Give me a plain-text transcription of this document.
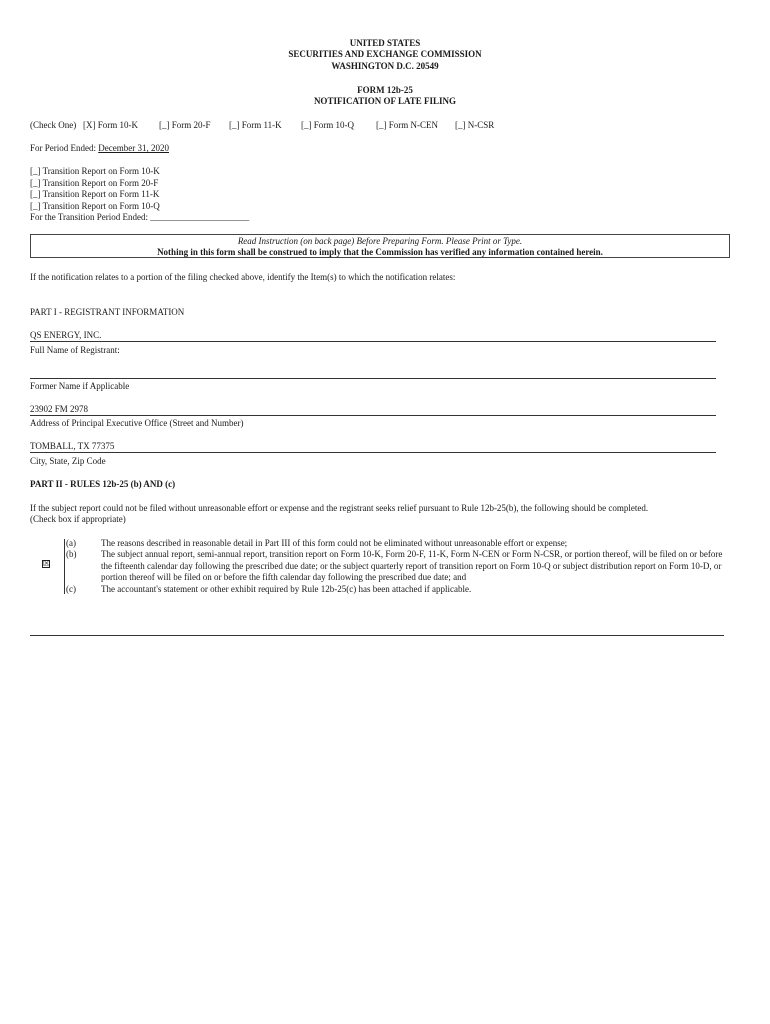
UNITED STATES
SECURITIES AND EXCHANGE COMMISSION
WASHINGTON D.C. 20549
FORM 12b-25
NOTIFICATION OF LATE FILING
(Check One) [X] Form 10-K [_] Form 20-F [_] Form 11-K [_] Form 10-Q [_] Form N-CEN [_] N-CSR
For Period Ended: December 31, 2020
[_] Transition Report on Form 10-K
[_] Transition Report on Form 20-F
[_] Transition Report on Form 11-K
[_] Transition Report on Form 10-Q
For the Transition Period Ended: ______________________
Read Instruction (on back page) Before Preparing Form. Please Print or Type.
Nothing in this form shall be construed to imply that the Commission has verified any information contained herein.
If the notification relates to a portion of the filing checked above, identify the Item(s) to which the notification relates:
PART I - REGISTRANT INFORMATION
QS ENERGY, INC.
Full Name of Registrant:
Former Name if Applicable
23902 FM 2978
Address of Principal Executive Office (Street and Number)
TOMBALL, TX 77375
City, State, Zip Code
PART II - RULES 12b-25 (b) AND (c)
If the subject report could not be filed without unreasonable effort or expense and the registrant seeks relief pursuant to Rule 12b-25(b), the following should be completed.
(Check box if appropriate)
☒
(a)	The reasons described in reasonable detail in Part III of this form could not be eliminated without unreasonable effort or expense;
(b)	The subject annual report, semi-annual report, transition report on Form 10-K, Form 20-F, 11-K, Form N-CEN or Form N-CSR, or portion thereof, will be filed on or before the fifteenth calendar day following the prescribed due date; or the subject quarterly report of transition report on Form 10-Q or subject distribution report on Form 10-D, or portion thereof will be filed on or before the fifth calendar day following the prescribed due date; and
(c)	The accountant's statement or other exhibit required by Rule 12b-25(c) has been attached if applicable.
